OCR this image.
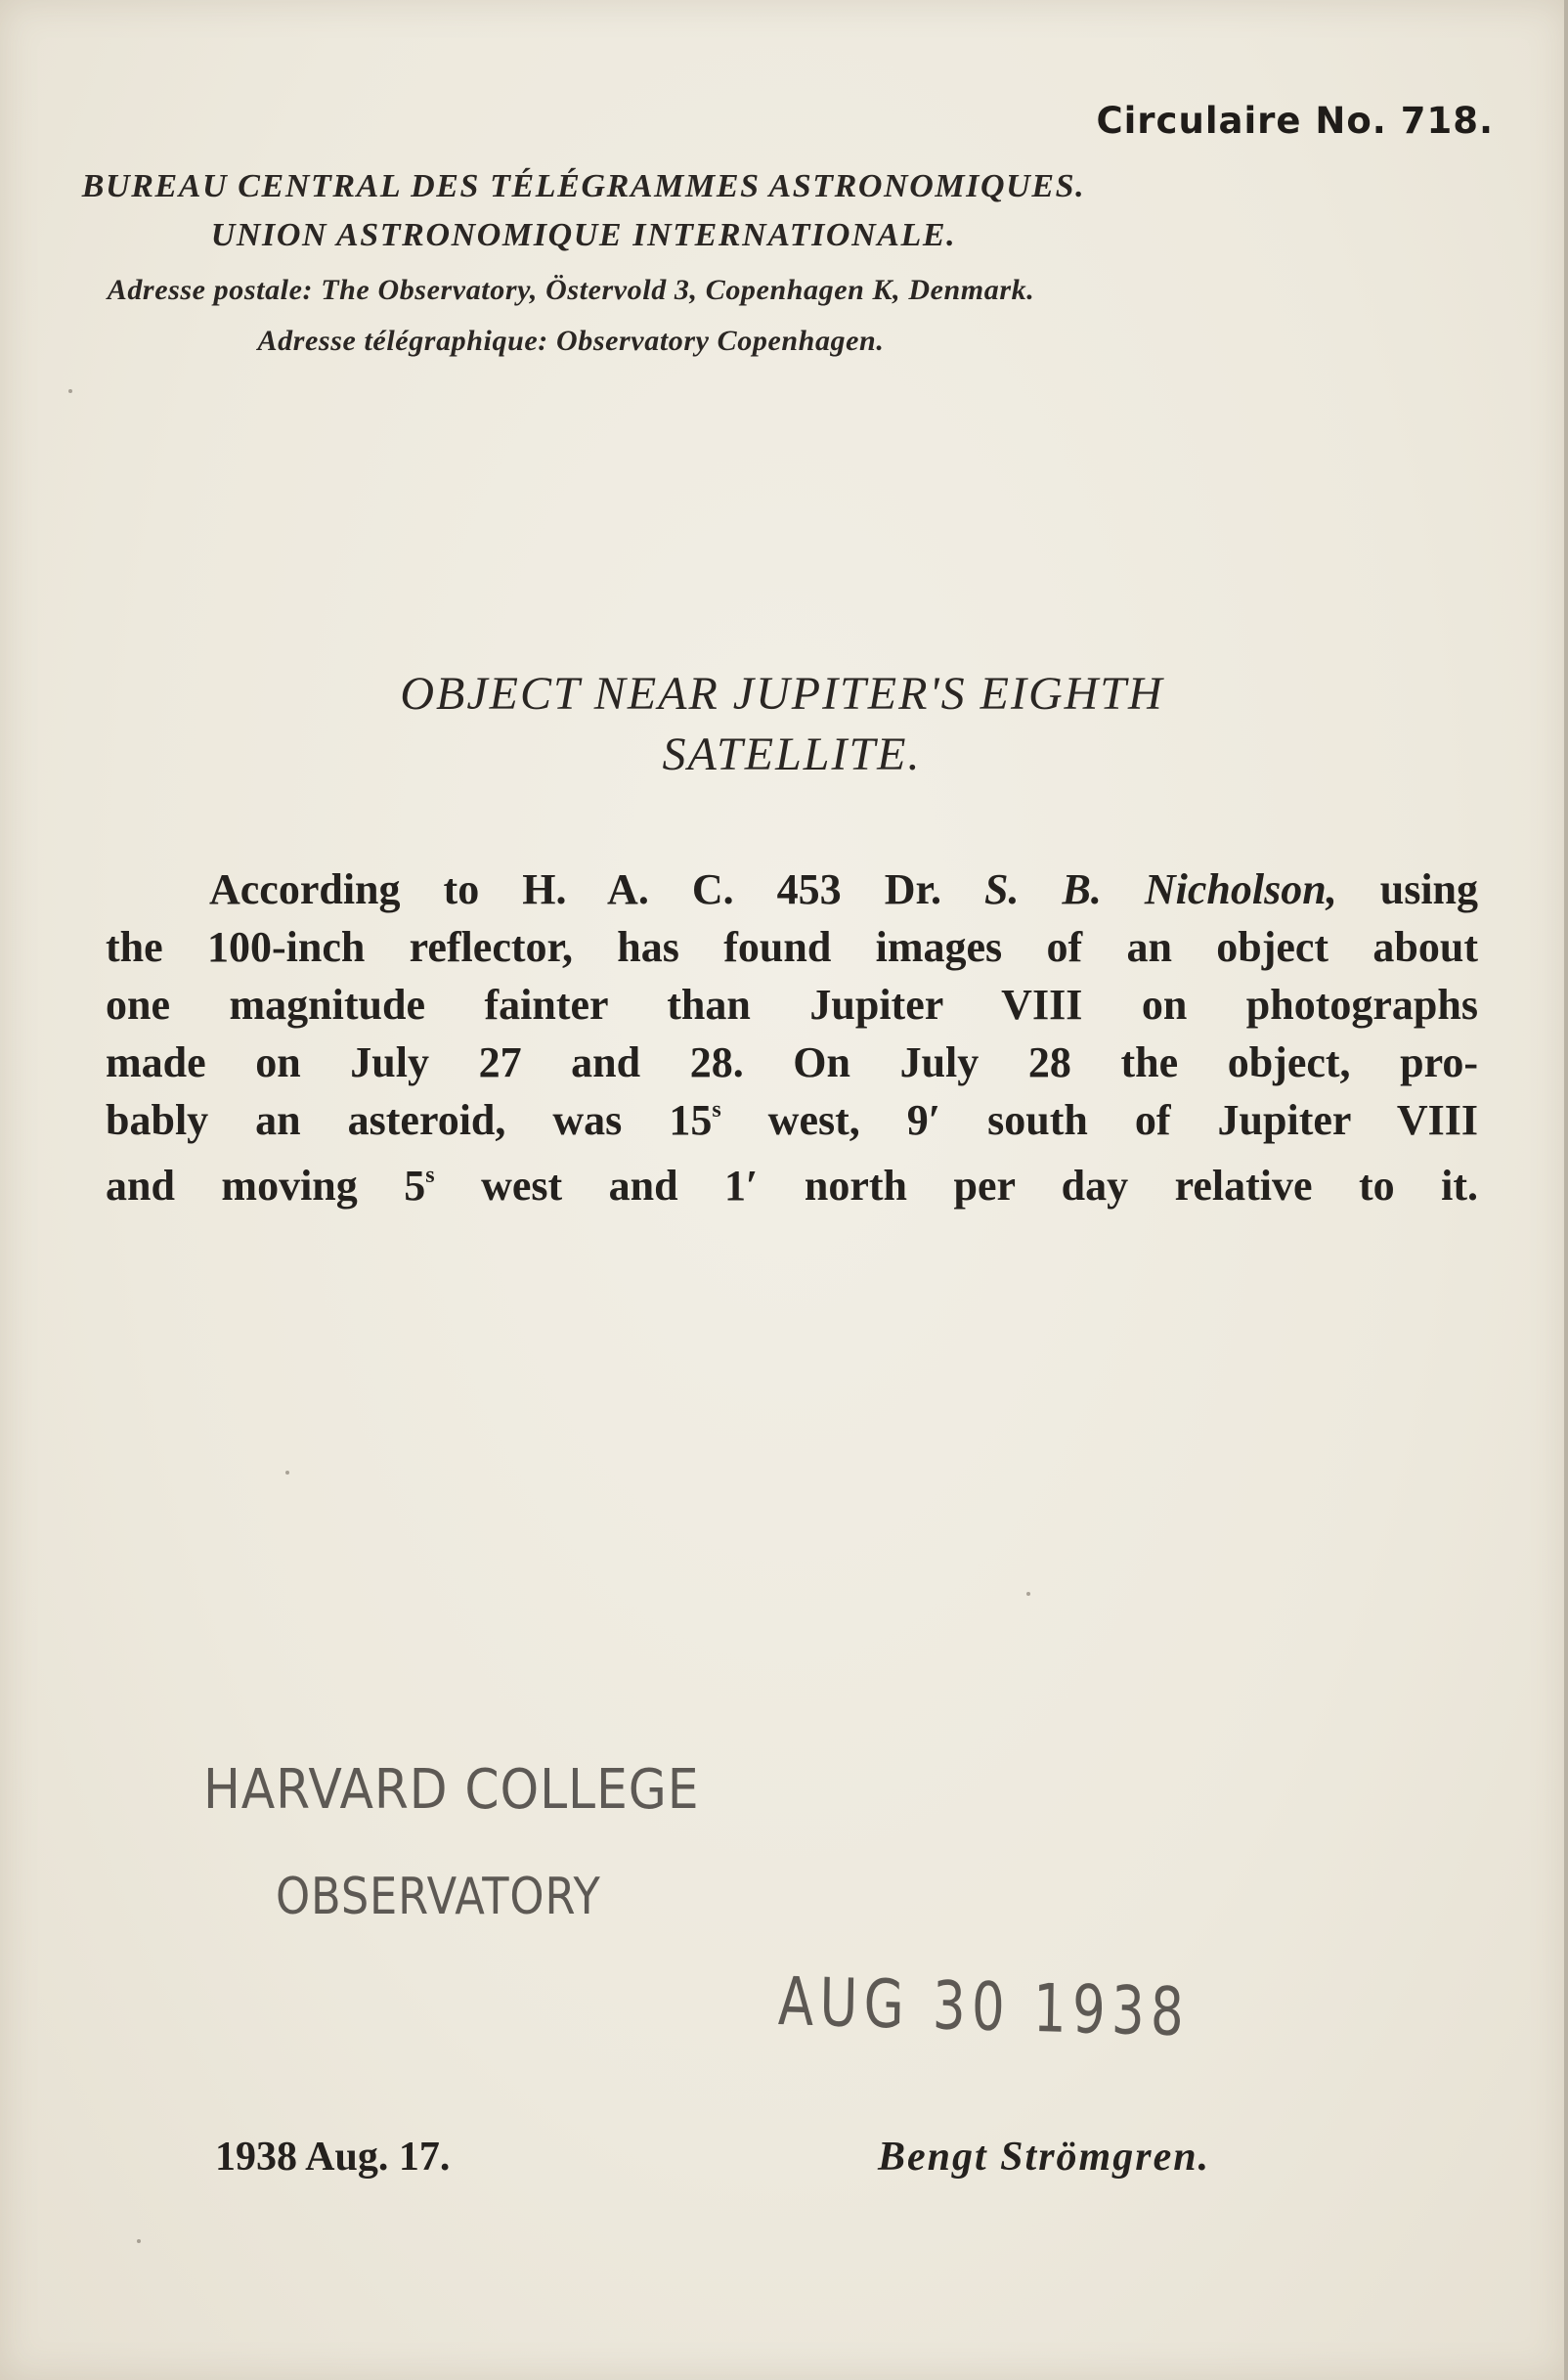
Circulaire No. 718.
BUREAU CENTRAL DES TÉLÉGRAMMES ASTRONOMIQUES.
UNION ASTRONOMIQUE INTERNATIONALE.
Adresse postale: The Observatory, Östervold 3, Copenhagen K, Denmark.
Adresse télégraphique: Observatory Copenhagen.
OBJECT NEAR JUPITER'S EIGHTH
SATELLITE.
According to H. A. C. 453 Dr. S. B. Nicholson, using
the 100-inch reflector, has found images of an object about
one magnitude fainter than Jupiter VIII on photographs
made on July 27 and 28. On July 28 the object, pro-
bably an asteroid, was 15$^s$ west, 9′ south of Jupiter VIII
and moving 5$^s$ west and 1′ north per day relative to it.
HARVARD COLLEGE
OBSERVATORY
AUG 30 1938
1938 Aug. 17.	Bengt Strömgren.
